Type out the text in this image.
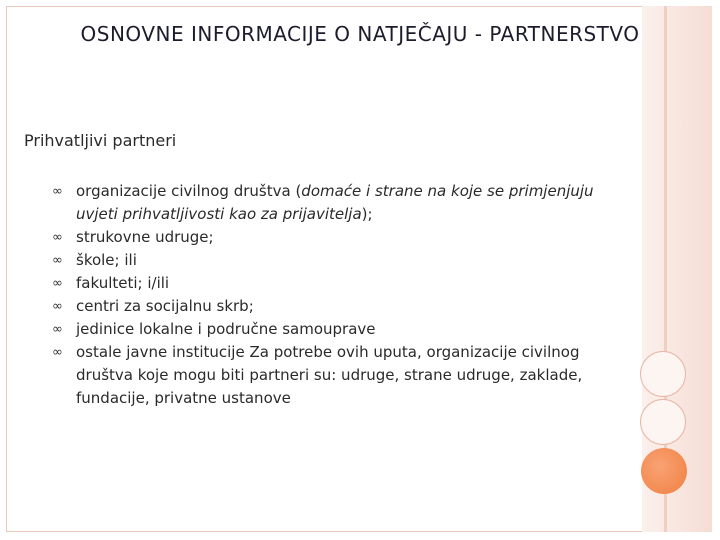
OSNOVNE INFORMACIJE O NATJEČAJU - PARTNERSTVO
Prihvatljivi partneri
∞ organizacije civilnog društva (domaće i strane na koje se primjenjuju uvjeti prihvatljivosti kao za prijavitelja);
∞ strukovne udruge;
∞ škole; ili
∞ fakulteti; i/ili
∞ centri za socijalnu skrb;
∞ jedinice lokalne i područne samouprave
∞ ostale javne institucije Za potrebe ovih uputa, organizacije civilnog društva koje mogu biti partneri su: udruge, strane udruge, zaklade, fundacije, privatne ustanove
